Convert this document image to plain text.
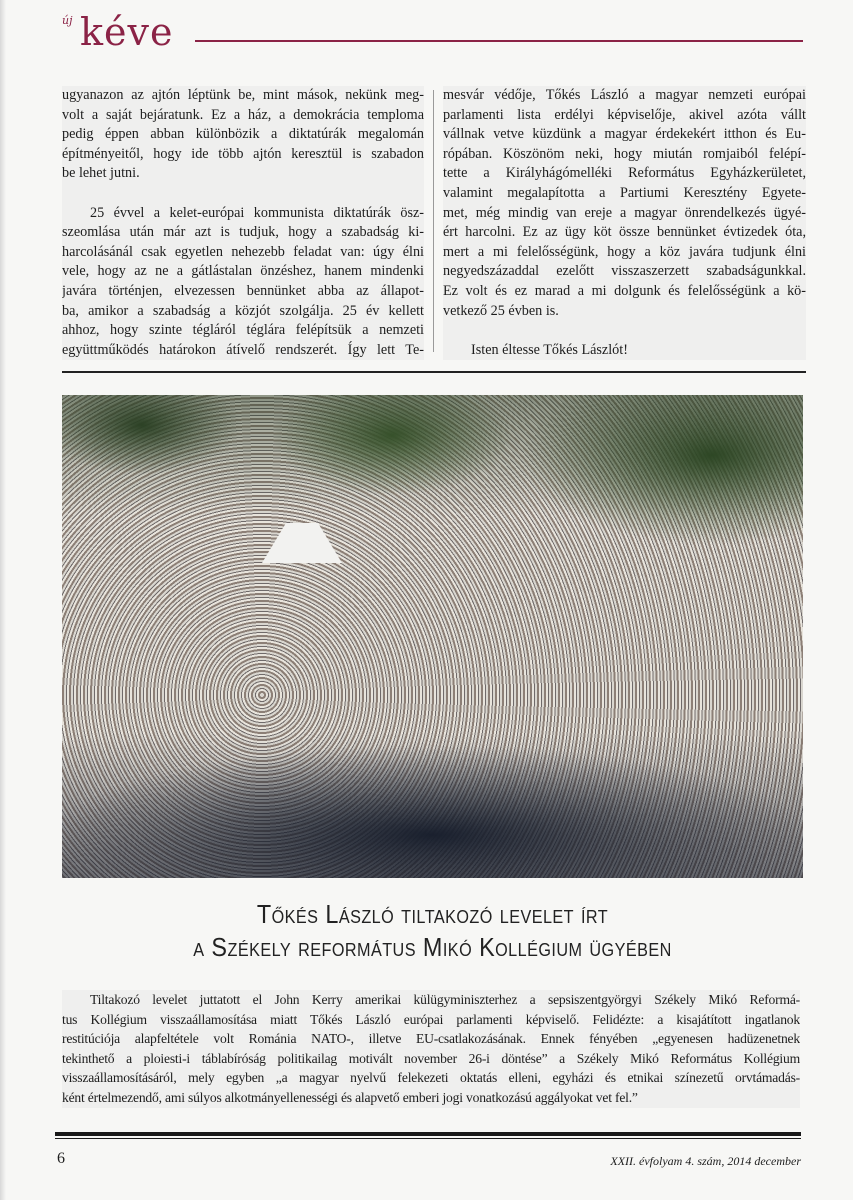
új kéve
ugyanazon az ajtón léptünk be, mint mások, nekünk meg-
volt a saját bejáratunk. Ez a ház, a demokrácia temploma
pedig éppen abban különbözik a diktatúrák megalomán
építményeitől, hogy ide több ajtón keresztül is szabadon
be lehet jutni.
25 évvel a kelet-európai kommunista diktatúrák ösz-
szeomlása után már azt is tudjuk, hogy a szabadság ki-
harcolásánál csak egyetlen nehezebb feladat van: úgy élni
vele, hogy az ne a gátlástalan önzéshez, hanem mindenki
javára történjen, elvezessen bennünket abba az állapot-
ba, amikor a szabadság a közjót szolgálja. 25 év kellett
ahhoz, hogy szinte tégláról téglára felépítsük a nemzeti
együttműködés határokon átívelő rendszerét. Így lett Te-
mesvár védője, Tőkés László a magyar nemzeti európai
parlamenti lista erdélyi képviselője, akivel azóta vállt
vállnak vetve küzdünk a magyar érdekekért itthon és Eu-
rópában. Köszönöm neki, hogy miután romjaiból felépí-
tette a Királyhágómelléki Református Egyházkerületet,
valamint megalapította a Partiumi Keresztény Egyete-
met, még mindig van ereje a magyar önrendelkezés ügyé-
ért harcolni. Ez az ügy köt össze bennünket évtizedek óta,
mert a mi felelősségünk, hogy a köz javára tudjunk élni
negyedszázaddal ezelőtt visszaszerzett szabadságunkkal.
Ez volt és ez marad a mi dolgunk és felelősségünk a kö-
vetkező 25 évben is.
Isten éltesse Tőkés Lászlót!
Tőkés László tiltakozó levelet írt
a Székely református Mikó Kollégium ügyében
Tiltakozó levelet juttatott el John Kerry amerikai külügyminiszterhez a sepsiszentgyörgyi Székely Mikó Reformá-
tus Kollégium visszaállamosítása miatt Tőkés László európai parlamenti képviselő. Felidézte: a kisajátított ingatlanok
restitúciója alapfeltétele volt Románia NATO-, illetve EU-csatlakozásának. Ennek fényében „egyenesen hadüzenetnek
tekinthető a ploiesti-i táblabíróság politikailag motivált november 26-i döntése” a Székely Mikó Református Kollégium
visszaállamosításáról, mely egyben „a magyar nyelvű felekezeti oktatás elleni, egyházi és etnikai színezetű orvtámadás-
ként értelmezendő, ami súlyos alkotmányellenességi és alapvető emberi jogi vonatkozású aggályokat vet fel.”
6	XXII. évfolyam 4. szám, 2014 december
